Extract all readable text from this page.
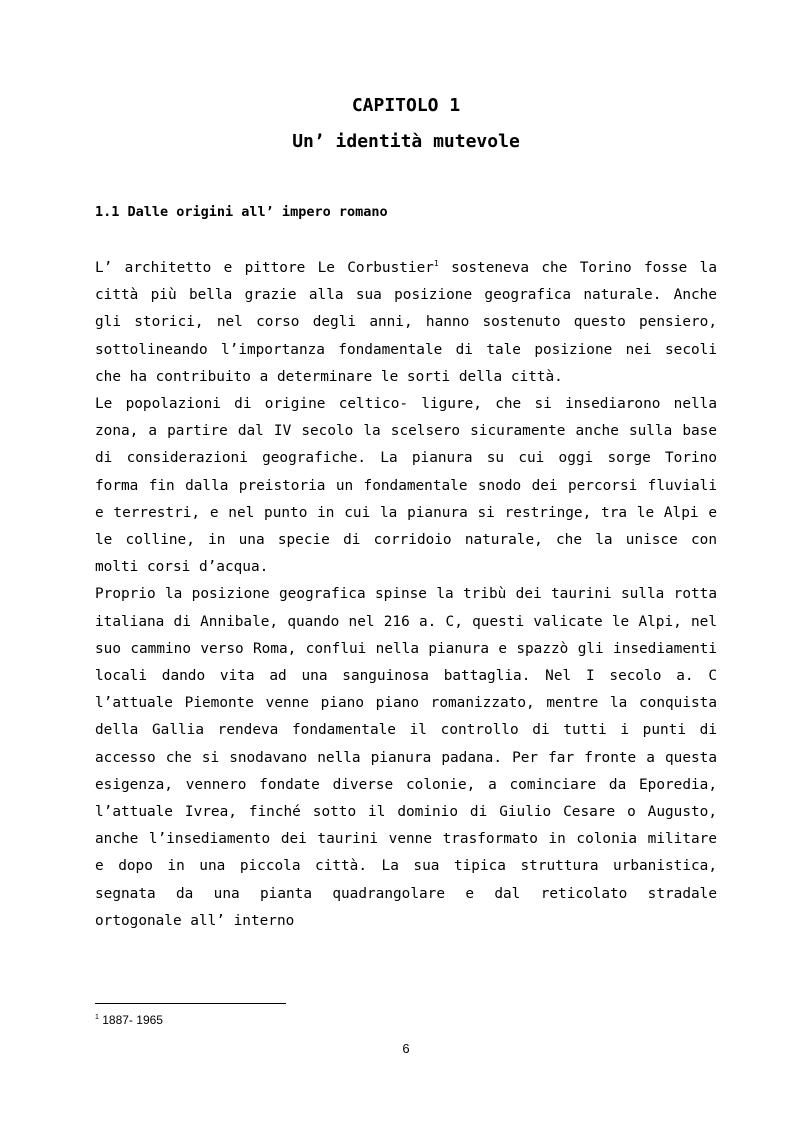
CAPITOLO 1
Un’ identità mutevole
1.1 Dalle origini all’ impero romano

L’ architetto e pittore Le Corbustier$^1$ sosteneva che Torino fosse la città più bella grazie alla sua posizione geografica naturale. Anche gli storici, nel corso degli anni, hanno sostenuto questo pensiero, sottolineando l’importanza fondamentale di tale posizione nei secoli che ha contribuito a determinare le sorti della città.

Le popolazioni di origine celtico- ligure, che si insediarono nella zona, a partire dal IV secolo la scelsero sicuramente anche sulla base di considerazioni geografiche. La pianura su cui oggi sorge Torino forma fin dalla preistoria un fondamentale snodo dei percorsi fluviali e terrestri, e nel punto in cui la pianura si restringe, tra le Alpi e le colline, in una specie di corridoio naturale, che la unisce con molti corsi d’acqua.

Proprio la posizione geografica spinse la tribù dei taurini sulla rotta italiana di Annibale, quando nel 216 a. C, questi valicate le Alpi, nel suo cammino verso Roma, conflui nella pianura e spazzò gli insediamenti locali dando vita ad una sanguinosa battaglia. Nel I secolo a. C l’attuale Piemonte venne piano piano romanizzato, mentre la conquista della Gallia rendeva fondamentale il controllo di tutti i punti di accesso che si snodavano nella pianura padana. Per far fronte a questa esigenza, vennero fondate diverse colonie, a cominciare da Eporedia, l’attuale Ivrea, finché sotto il dominio di Giulio Cesare o Augusto, anche l’insediamento dei taurini venne trasformato in colonia militare e dopo in una piccola città. La sua tipica struttura urbanistica, segnata da una pianta quadrangolare e dal reticolato stradale ortogonale all’ interno

$^1$ 1887- 1965
6
